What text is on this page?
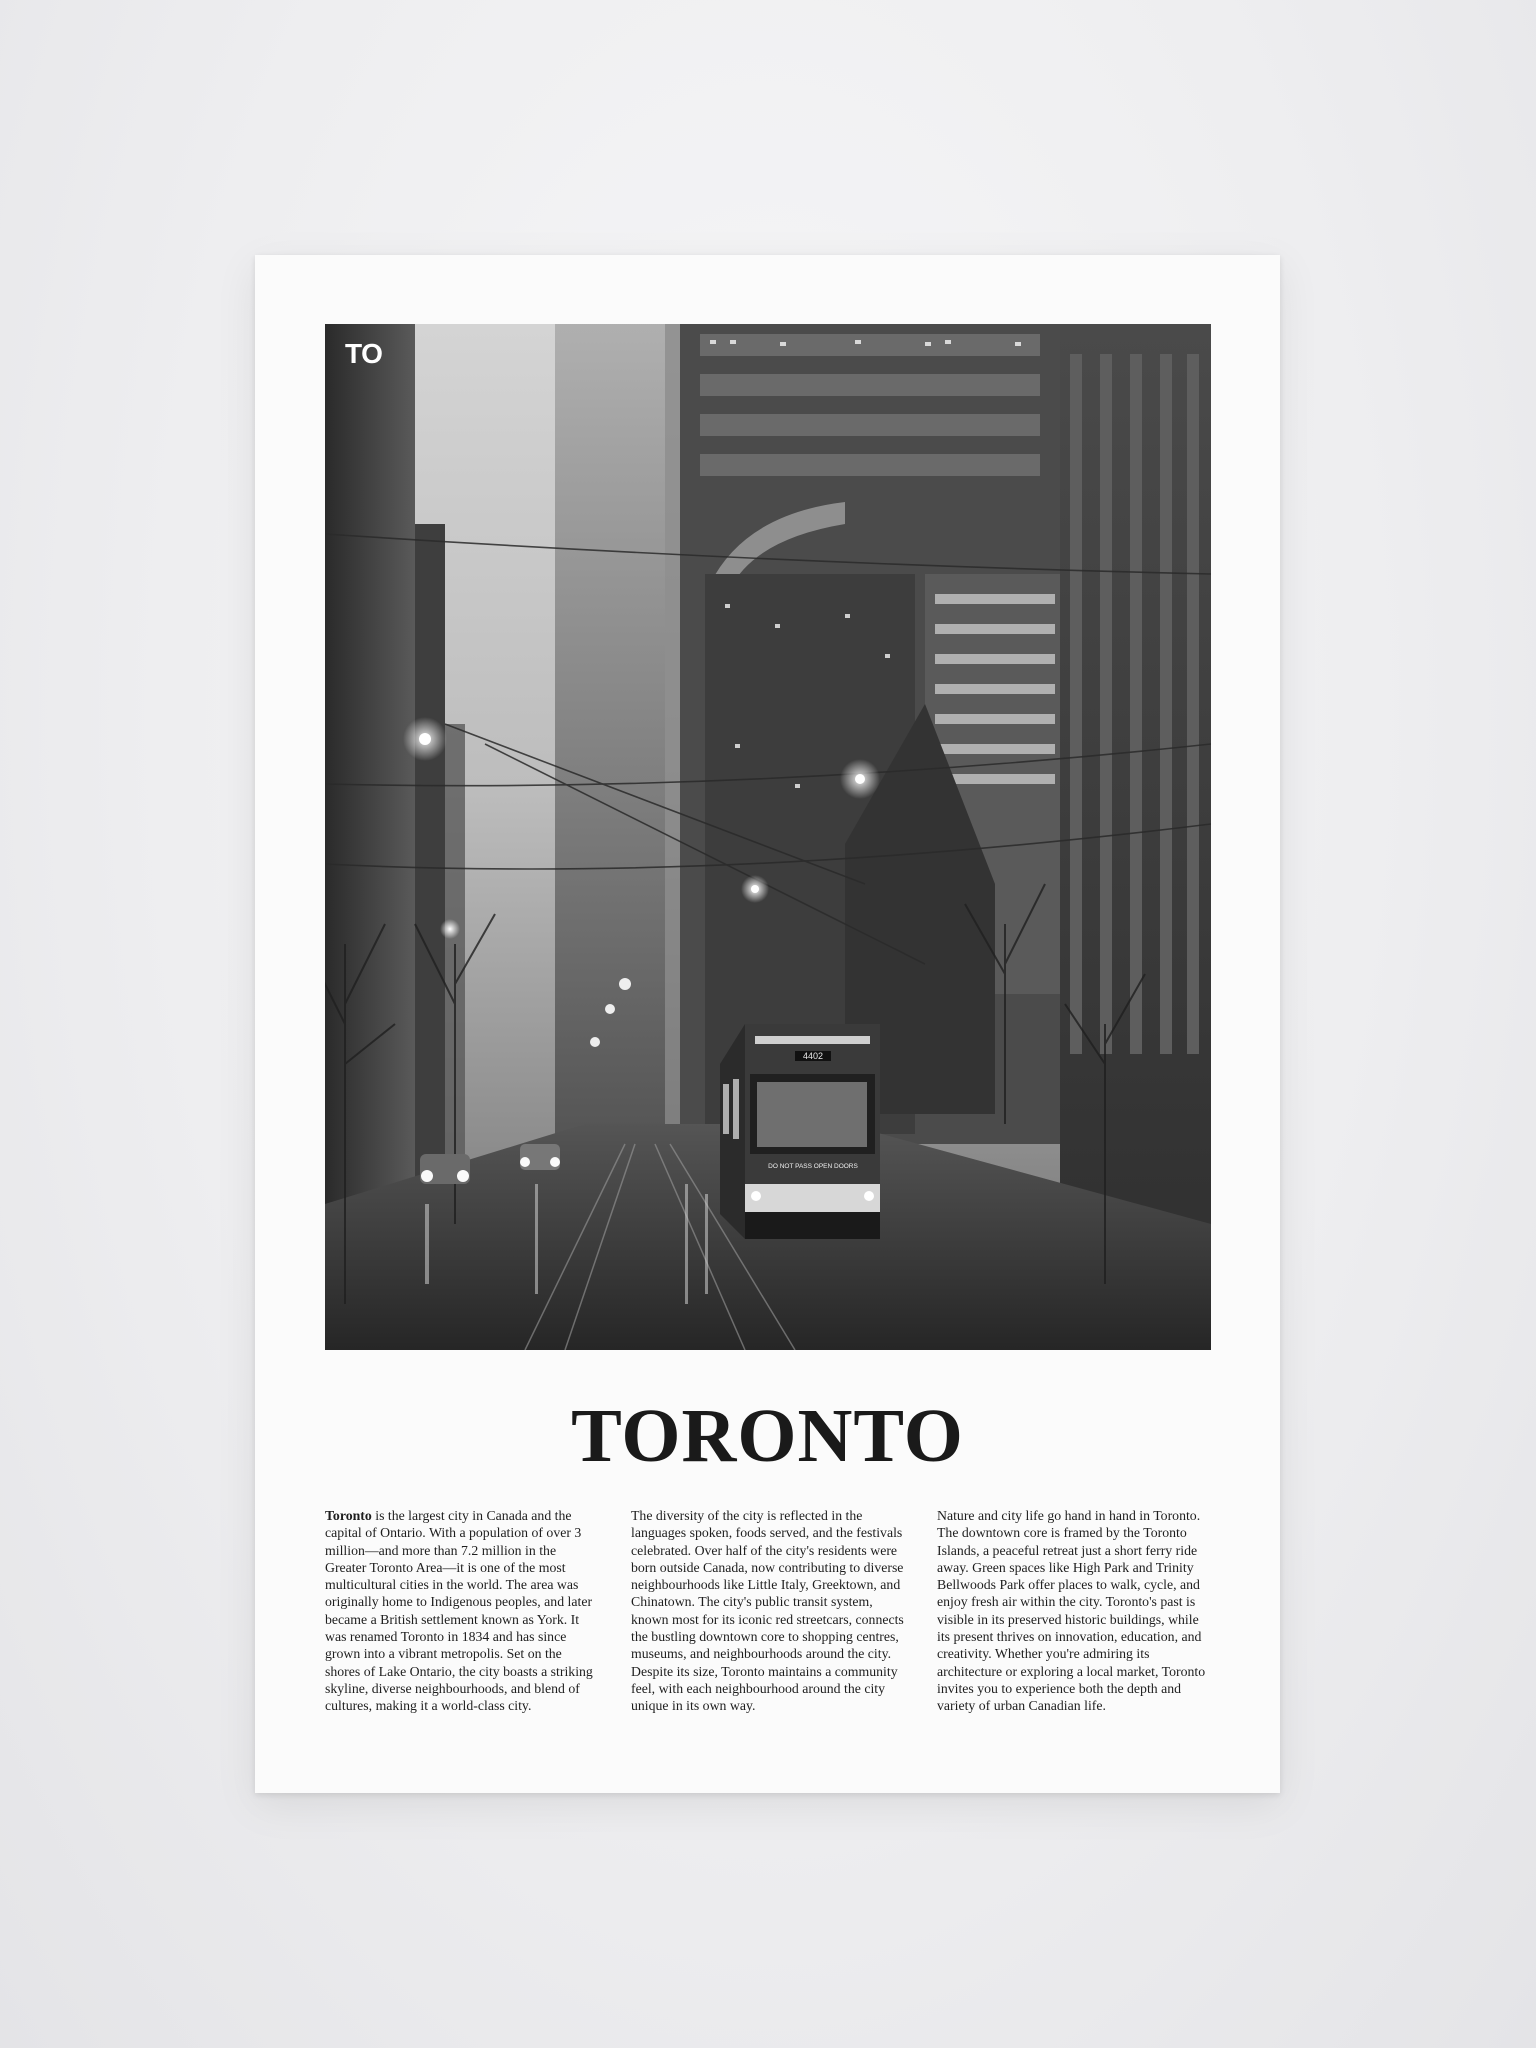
4402
DO NOT PASS OPEN DOORS
TO
TORONTO
Toronto is the largest city in Canada and the capital of Ontario. With a population of over 3 million—and more than 7.2 million in the Greater Toronto Area—it is one of the most multicultural cities in the world. The area was originally home to Indigenous peoples, and later became a British settlement known as York. It was renamed Toronto in 1834 and has since grown into a vibrant metropolis. Set on the shores of Lake Ontario, the city boasts a striking skyline, diverse neighbourhoods, and blend of cultures, making it a world-class city.
The diversity of the city is reflected in the languages spoken, foods served, and the festivals celebrated. Over half of the city's residents were born outside Canada, now contributing to diverse neighbourhoods like Little Italy, Greektown, and Chinatown. The city's public transit system, known most for its iconic red streetcars, connects the bustling downtown core to shopping centres, museums, and neighbourhoods around the city. Despite its size, Toronto maintains a community feel, with each neighbourhood around the city unique in its own way.
Nature and city life go hand in hand in Toronto. The downtown core is framed by the Toronto Islands, a peaceful retreat just a short ferry ride away. Green spaces like High Park and Trinity Bellwoods Park offer places to walk, cycle, and enjoy fresh air within the city. Toronto's past is visible in its preserved historic buildings, while its present thrives on innovation, education, and creativity. Whether you're admiring its architecture or exploring a local market, Toronto invites you to experience both the depth and variety of urban Canadian life.
